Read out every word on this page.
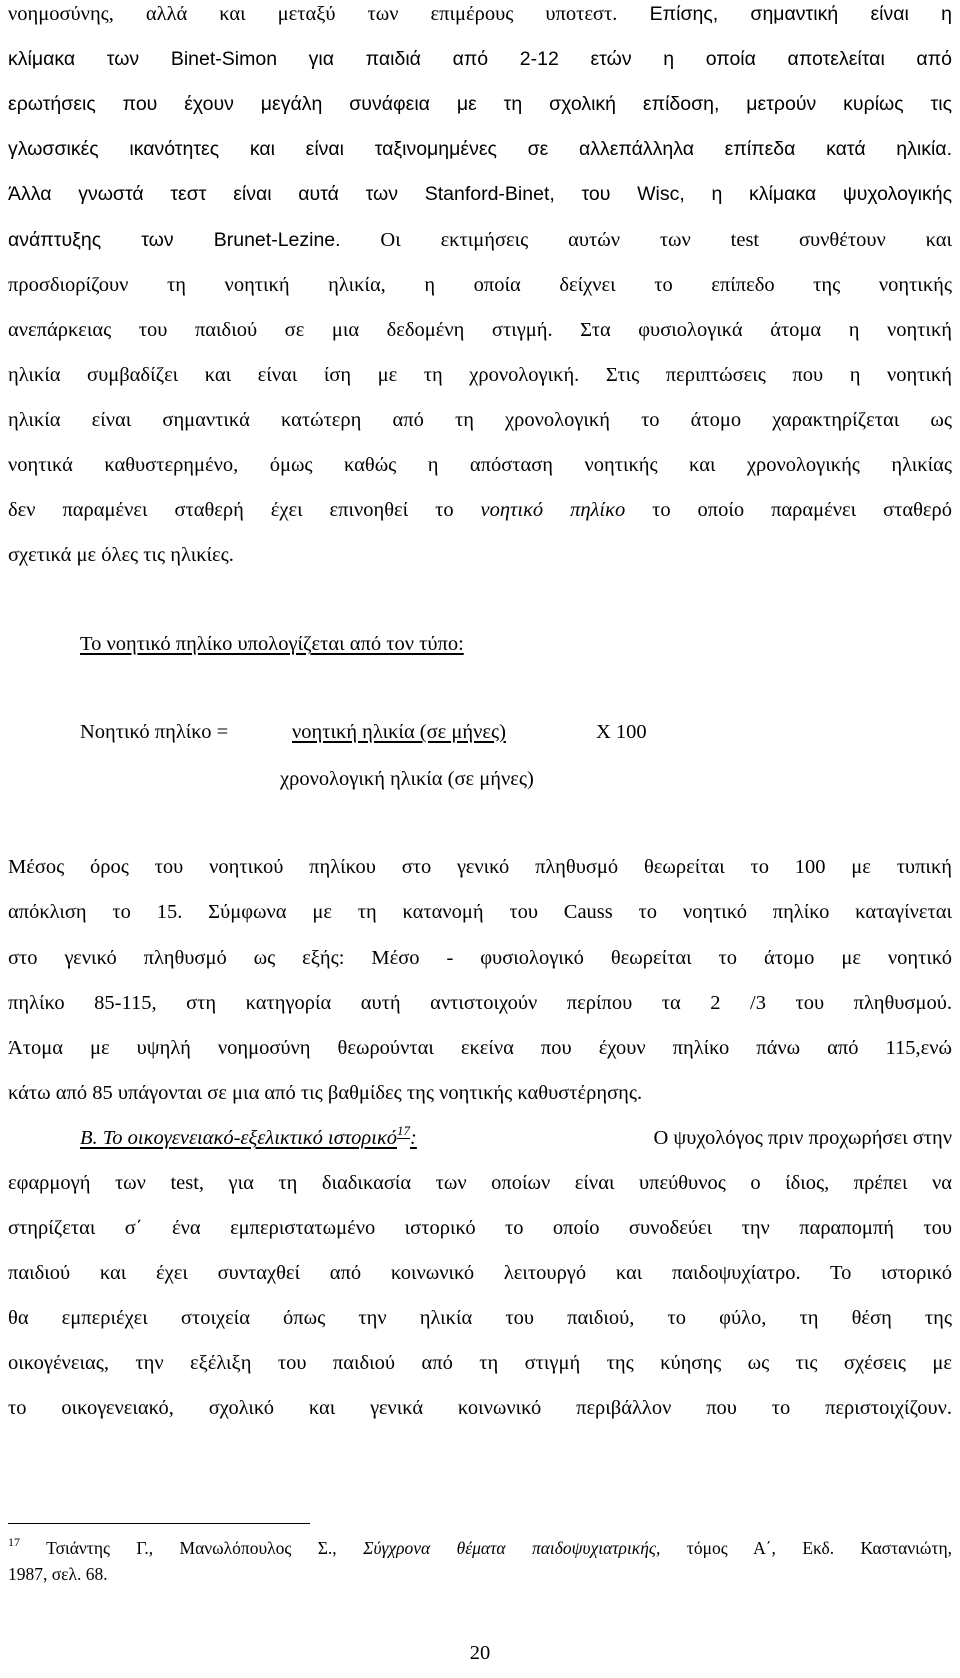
νοημοσύνης, αλλά και μεταξύ των επιμέρους υποτεστ. Επίσης, σημαντική είναι η
κλίμακα των Binet-Simon για παιδιά από 2-12 ετών η οποία αποτελείται από
ερωτήσεις που έχουν μεγάλη συνάφεια με τη σχολική επίδοση, μετρούν κυρίως τις
γλωσσικές ικανότητες και είναι ταξινομημένες σε αλλεπάλληλα επίπεδα κατά ηλικία.
Άλλα γνωστά τεστ είναι αυτά των Stanford-Binet, του Wisc, η κλίμακα ψυχολογικής
ανάπτυξης των Brunet-Lezine. Οι εκτιμήσεις αυτών των test συνθέτουν και
προσδιορίζουν τη νοητική ηλικία, η οποία δείχνει το επίπεδο της νοητικής
ανεπάρκειας του παιδιού σε μια δεδομένη στιγμή. Στα φυσιολογικά άτομα η νοητική
ηλικία συμβαδίζει και είναι ίση με τη χρονολογική. Στις περιπτώσεις που η νοητική
ηλικία είναι σημαντικά κατώτερη από τη χρονολογική το άτομο χαρακτηρίζεται ως
νοητικά καθυστερημένο, όμως καθώς η απόσταση νοητικής και χρονολογικής ηλικίας
δεν παραμένει σταθερή έχει επινοηθεί το νοητικό πηλίκο το οποίο παραμένει σταθερό
σχετικά με όλες τις ηλικίες.
Το νοητικό πηλίκο υπολογίζεται από τον τύπο:
Νοητικό πηλίκο =	νοητική ηλικία (σε μήνες)	Χ 100
χρονολογική ηλικία (σε μήνες)
Μέσος όρος του νοητικού πηλίκου στο γενικό πληθυσμό θεωρείται το 100 με τυπική
απόκλιση το 15. Σύμφωνα με τη κατανομή του Causs το νοητικό πηλίκο καταγίνεται
στο γενικό πληθυσμό ως εξής: Μέσο - φυσιολογικό θεωρείται το άτομο με νοητικό
πηλίκο 85-115, στη κατηγορία αυτή αντιστοιχούν περίπου τα 2 /3 του πληθυσμού.
Άτομα με υψηλή νοημοσύνη θεωρούνται εκείνα που έχουν πηλίκο πάνω από 115,ενώ
κάτω από 85 υπάγονται σε μια από τις βαθμίδες της νοητικής καθυστέρησης.
Β. Το οικογενειακό-εξελικτικό ιστορικό$^{17}$:	Ο ψυχολόγος πριν προχωρήσει στην
εφαρμογή των test, για τη διαδικασία των οποίων είναι υπεύθυνος ο ίδιος, πρέπει να
στηρίζεται σ΄ ένα εμπεριστατωμένο ιστορικό το οποίο συνοδεύει την παραπομπή του
παιδιού και έχει συνταχθεί από κοινωνικό λειτουργό και παιδοψυχίατρο. Το ιστορικό
θα εμπεριέχει στοιχεία όπως την ηλικία του παιδιού, το φύλο, τη θέση της
οικογένειας, την εξέλιξη του παιδιού από τη στιγμή της κύησης ως τις σχέσεις με
το οικογενειακό, σχολικό και γενικά κοινωνικό περιβάλλον που το περιστοιχίζουν.
$^{17}$ Τσιάντης Γ., Μανωλόπουλος Σ., Σύγχρονα θέματα παιδοψυχιατρικής, τόμος Α΄, Εκδ. Καστανιώτη,
1987, σελ. 68.
20
